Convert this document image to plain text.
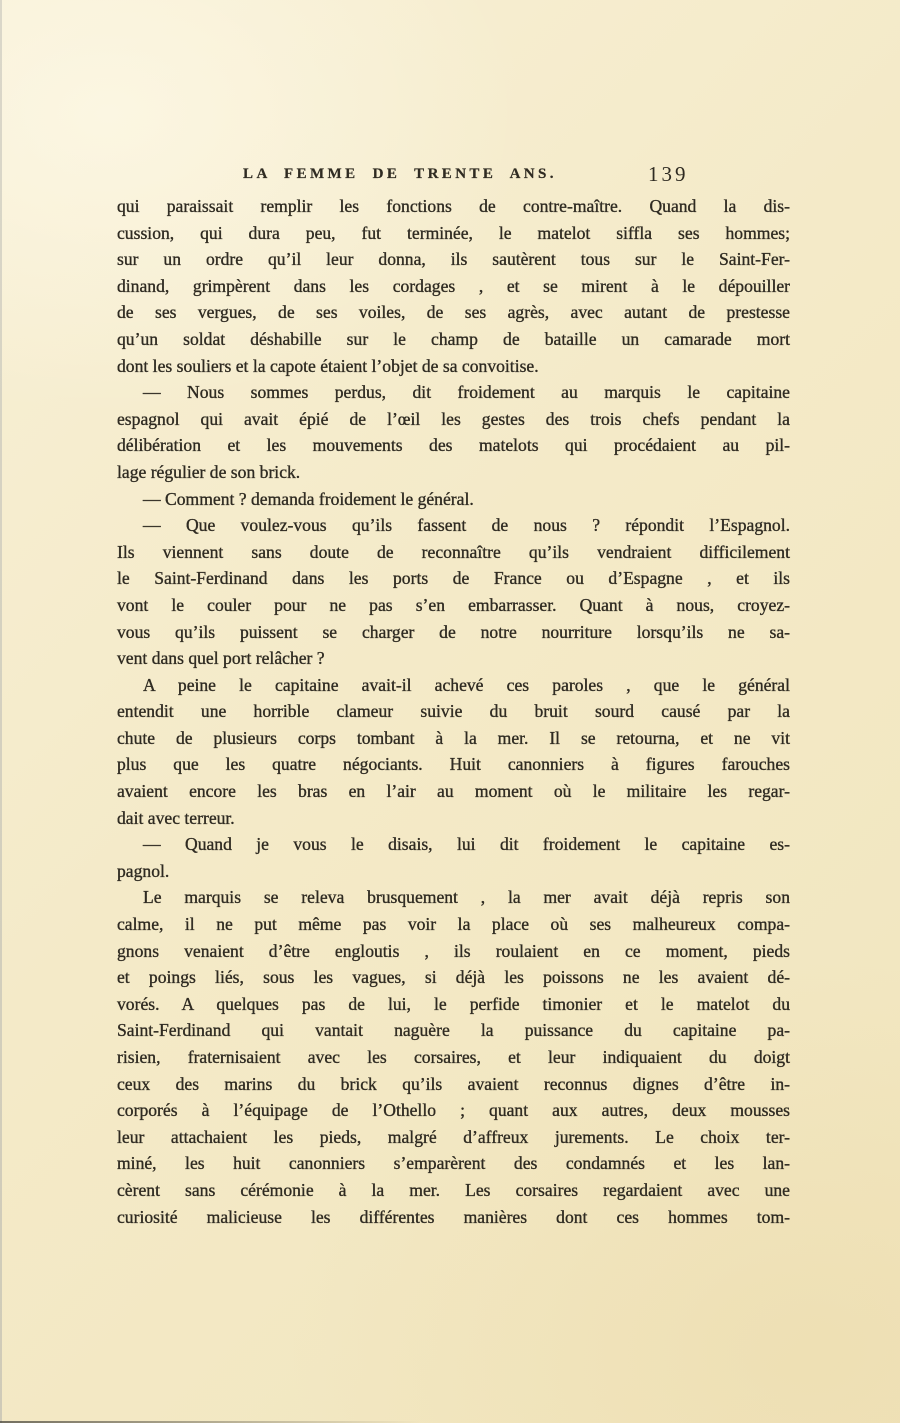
LA FEMME DE TRENTE ANS.	139
qui paraissait remplir les fonctions de contre-maître. Quand la dis-
cussion, qui dura peu, fut terminée, le matelot siffla ses hommes;
sur un ordre qu’il leur donna, ils sautèrent tous sur le Saint-Fer-
dinand, grimpèrent dans les cordages , et se mirent à le dépouiller
de ses vergues, de ses voiles, de ses agrès, avec autant de prestesse
qu’un soldat déshabille sur le champ de bataille un camarade mort
dont les souliers et la capote étaient l’objet de sa convoitise.
— Nous sommes perdus, dit froidement au marquis le capitaine
espagnol qui avait épié de l’œil les gestes des trois chefs pendant la
délibération et les mouvements des matelots qui procédaient au pil-
lage régulier de son brick.
— Comment ? demanda froidement le général.
— Que voulez-vous qu’ils fassent de nous ? répondit l’Espagnol.
Ils viennent sans doute de reconnaître qu’ils vendraient difficilement
le Saint-Ferdinand dans les ports de France ou d’Espagne , et ils
vont le couler pour ne pas s’en embarrasser. Quant à nous, croyez-
vous qu’ils puissent se charger de notre nourriture lorsqu’ils ne sa-
vent dans quel port relâcher ?
A peine le capitaine avait-il achevé ces paroles , que le général
entendit une horrible clameur suivie du bruit sourd causé par la
chute de plusieurs corps tombant à la mer. Il se retourna, et ne vit
plus que les quatre négociants. Huit canonniers à figures farouches
avaient encore les bras en l’air au moment où le militaire les regar-
dait avec terreur.
— Quand je vous le disais, lui dit froidement le capitaine es-
pagnol.
Le marquis se releva brusquement , la mer avait déjà repris son
calme, il ne put même pas voir la place où ses malheureux compa-
gnons venaient d’être engloutis , ils roulaient en ce moment, pieds
et poings liés, sous les vagues, si déjà les poissons ne les avaient dé-
vorés. A quelques pas de lui, le perfide timonier et le matelot du
Saint-Ferdinand qui vantait naguère la puissance du capitaine pa-
risien, fraternisaient avec les corsaires, et leur indiquaient du doigt
ceux des marins du brick qu’ils avaient reconnus dignes d’être in-
corporés à l’équipage de l’Othello ; quant aux autres, deux mousses
leur attachaient les pieds, malgré d’affreux jurements. Le choix ter-
miné, les huit canonniers s’emparèrent des condamnés et les lan-
cèrent sans cérémonie à la mer. Les corsaires regardaient avec une
curiosité malicieuse les différentes manières dont ces hommes tom-
